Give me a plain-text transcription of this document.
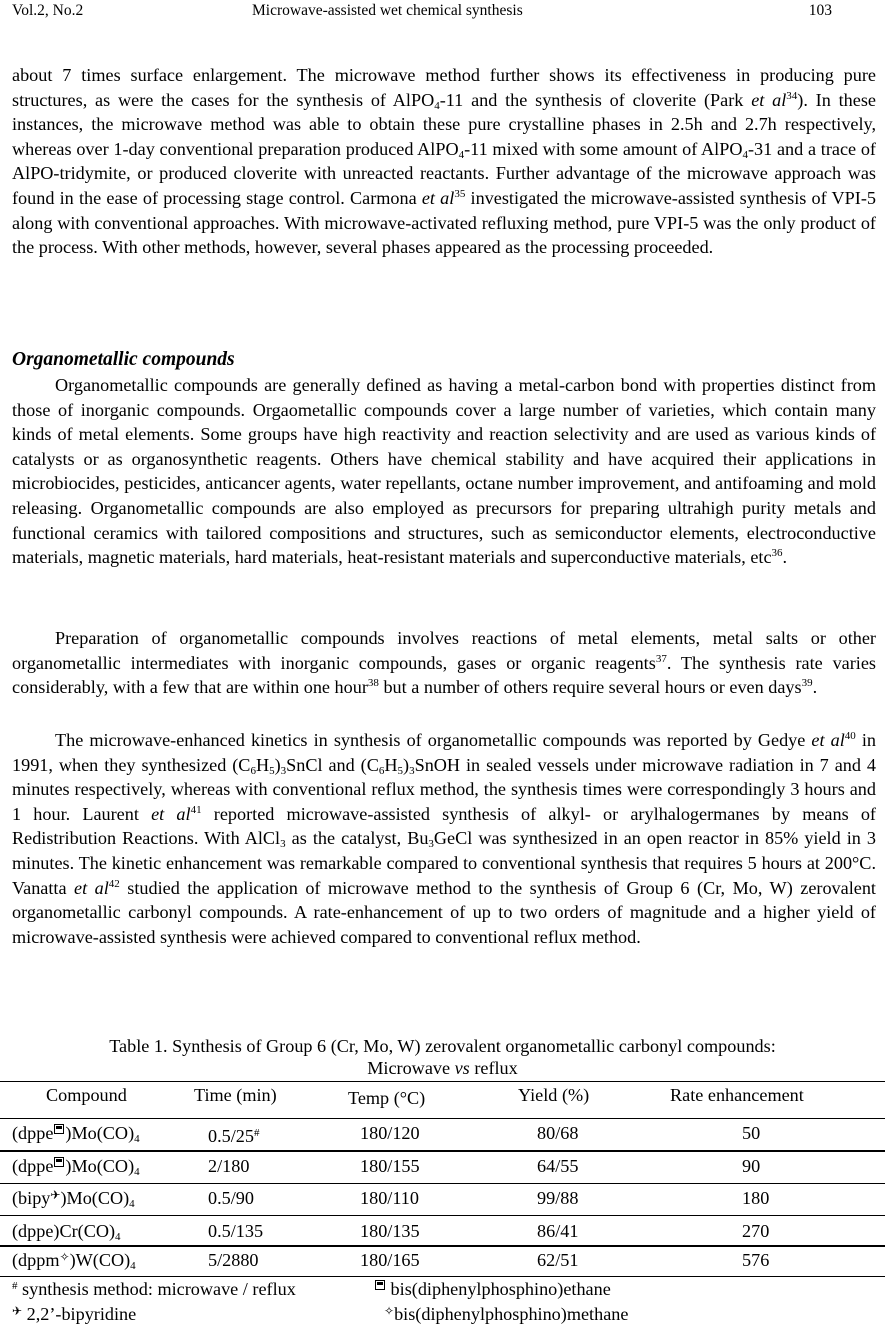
Vol.2, No.2	Microwave-assisted wet chemical synthesis	103

about 7 times surface enlargement. The microwave method further shows its effectiveness in producing pure structures, as were the cases for the synthesis of AlPO$_4$-11 and the synthesis of cloverite (Park et $al^{34}$). In these instances, the microwave method was able to obtain these pure crystalline phases in 2.5h and 2.7h respectively, whereas over 1-day conventional preparation produced AlPO$_4$-11 mixed with some amount of AlPO$_4$-31 and a trace of AlPO-tridymite, or produced cloverite with unreacted reactants. Further advantage of the microwave approach was found in the ease of processing stage control. Carmona et $al^{35}$ investigated the microwave-assisted synthesis of VPI-5 along with conventional approaches. With microwave-activated refluxing method, pure VPI-5 was the only product of the process. With other methods, however, several phases appeared as the processing proceeded.

Organometallic compounds

Organometallic compounds are generally defined as having a metal-carbon bond with properties distinct from those of inorganic compounds. Orgaometallic compounds cover a large number of varieties, which contain many kinds of metal elements. Some groups have high reactivity and reaction selectivity and are used as various kinds of catalysts or as organosynthetic reagents. Others have chemical stability and have acquired their applications in microbiocides, pesticides, anticancer agents, water repellants, octane number improvement, and antifoaming and mold releasing. Organometallic compounds are also employed as precursors for preparing ultrahigh purity metals and functional ceramics with tailored compositions and structures, such as semiconductor elements, electroconductive materials, magnetic materials, hard materials, heat-resistant materials and superconductive materials, etc$^{36}$.

Preparation of organometallic compounds involves reactions of metal elements, metal salts or other organometallic intermediates with inorganic compounds, gases or organic reagents$^{37}$. The synthesis rate varies considerably, with a few that are within one hour$^{38}$ but a number of others require several hours or even days$^{39}$.

The microwave-enhanced kinetics in synthesis of organometallic compounds was reported by Gedye et $al^{40}$ in 1991, when they synthesized $(C_6H_5)_3SnCl$ and $(C_6H_5)_3SnOH$ in sealed vessels under microwave radiation in 7 and 4 minutes respectively, whereas with conventional reflux method, the synthesis times were correspondingly 3 hours and 1 hour. Laurent et $al^{41}$ reported microwave-assisted synthesis of alkyl- or arylhalogermanes by means of Redistribution Reactions. With AlCl$_3$ as the catalyst, $Bu_3GeCl$ was synthesized in an open reactor in 85% yield in 3 minutes. The kinetic enhancement was remarkable compared to conventional synthesis that requires 5 hours at 200°C. Vanatta et $al^{42}$ studied the application of microwave method to the synthesis of Group 6 (Cr, Mo, W) zerovalent organometallic carbonyl compounds. A rate-enhancement of up to two orders of magnitude and a higher yield of microwave-assisted synthesis were achieved compared to conventional reflux method.

Table 1. Synthesis of Group 6 (Cr, Mo, W) zerovalent organometallic carbonyl compounds:
Microwave vs reflux
Compound	Time (min)	Temp (°C)	Yield (%)	Rate enhancement
(dppe )$Mo(CO)_4$	0.5/25#	180/120	80/68	50
(dppe )$Mo(CO)_4$	2/180	180/155	64/55	90
$(bipy^✈)Mo(CO)_4$	0.5/90	180/110	99/88	180
$(dppe)Cr(CO)_4$	0.5/135	180/135	86/41	270
$(dppm^✧)W(CO)_4$	5/2880	180/165	62/51	576
# synthesis method: microwave / reflux	bis(diphenylphosphino)ethane
✈ 2,2’-bipyridine	✧bis(diphenylphosphino)methane
